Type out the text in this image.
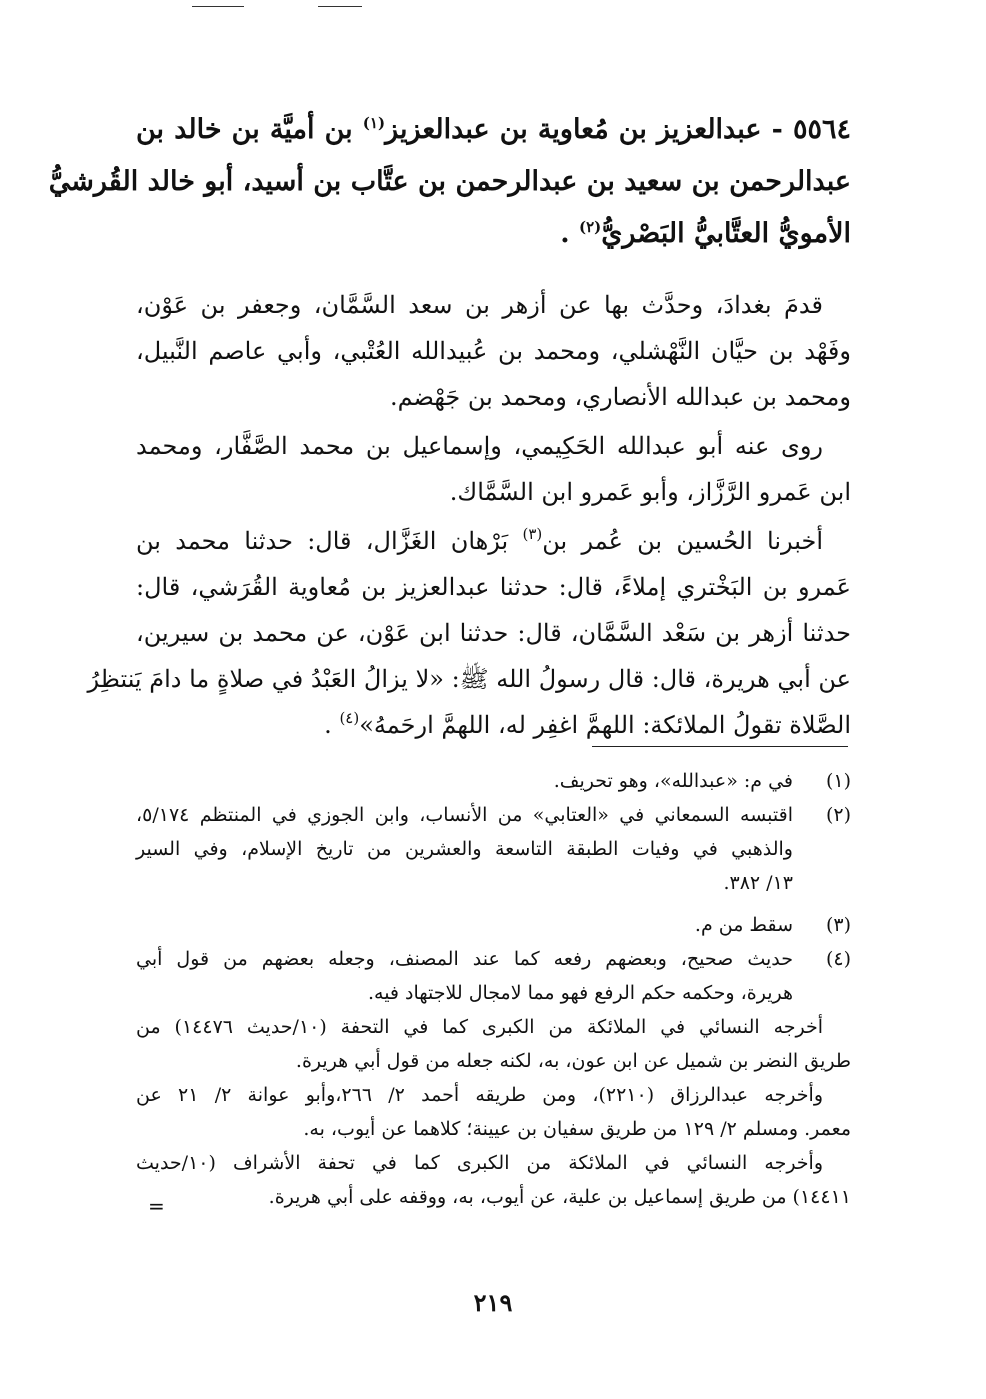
٥٥٦٤ - عبدالعزيز بن مُعاوية بن عبدالعزيز$^{(١)}$ بن أميَّة بن خالد بن
عبدالرحمن بن سعيد بن عبدالرحمن بن عتَّاب بن أسيد، أبو خالد القُرشيُّ
الأمويُّ العتَّابيُّ البَصْريُّ$^{(٢)}$ .
قدمَ بغدادَ، وحدَّث بها عن أزهر بن سعد السَّمَّان، وجعفر بن عَوْن،
وفَهْد بن حيَّان النَّهْشلي، ومحمد بن عُبيدالله العُتْبي، وأبي عاصم النَّبيل،
ومحمد بن عبدالله الأنصاري، ومحمد بن جَهْضم.
روى عنه أبو عبدالله الحَكِيمي، وإسماعيل بن محمد الصَّفَّار، ومحمد
ابن عَمرو الرَّزَّاز، وأبو عَمرو ابن السَّمَّاك.
أخبرنا الحُسين بن عُمر بن$^{(٣)}$ بَرْهان الغَزَّال، قال: حدثنا محمد بن
عَمرو بن البَخْتري إملاءً، قال: حدثنا عبدالعزيز بن مُعاوية القُرَشي، قال:
حدثنا أزهر بن سَعْد السَّمَّان، قال: حدثنا ابن عَوْن، عن محمد بن سيرين،
عن أبي هريرة، قال: قال رسولُ الله ﷺ: «لا يزالُ العَبْدُ في صلاةٍ ما دامَ يَنتظِرُ
الصَّلاة تقولُ الملائكة: اللهمَّ اغفِر له، اللهمَّ ارحَمهُ»$^{(٤)}$ .
(١)
في م: «عبدالله»، وهو تحريف.
(٢)
اقتبسه السمعاني في «العتابي» من الأنساب، وابن الجوزي في المنتظم ٥/١٧٤،
والذهبي في وفيات الطبقة التاسعة والعشرين من تاريخ الإسلام، وفي السير
١٣/ ٣٨٢.
(٣)
سقط من م.
(٤)
حديث صحيح، وبعضهم رفعه كما عند المصنف، وجعله بعضهم من قول أبي
هريرة، وحكمه حكم الرفع فهو مما لامجال للاجتهاد فيه.
أخرجه النسائي في الملائكة من الكبرى كما في التحفة (١٠/حديث ١٤٤٧٦) من
طريق النضر بن شميل عن ابن عون، به، لكنه جعله من قول أبي هريرة.
وأخرجه عبدالرزاق (٢٢١٠)، ومن طريقه أحمد ٢/ ٢٦٦،وأبو عوانة ٢/ ٢١ عن
معمر. ومسلم ٢/ ١٢٩ من طريق سفيان بن عيينة؛ كلاهما عن أيوب، به.
وأخرجه النسائي في الملائكة من الكبرى كما في تحفة الأشراف (١٠/حديث
١٤٤١١) من طريق إسماعيل بن علية، عن أيوب، به، ووقفه على أبي هريرة.
=
٢١٩
